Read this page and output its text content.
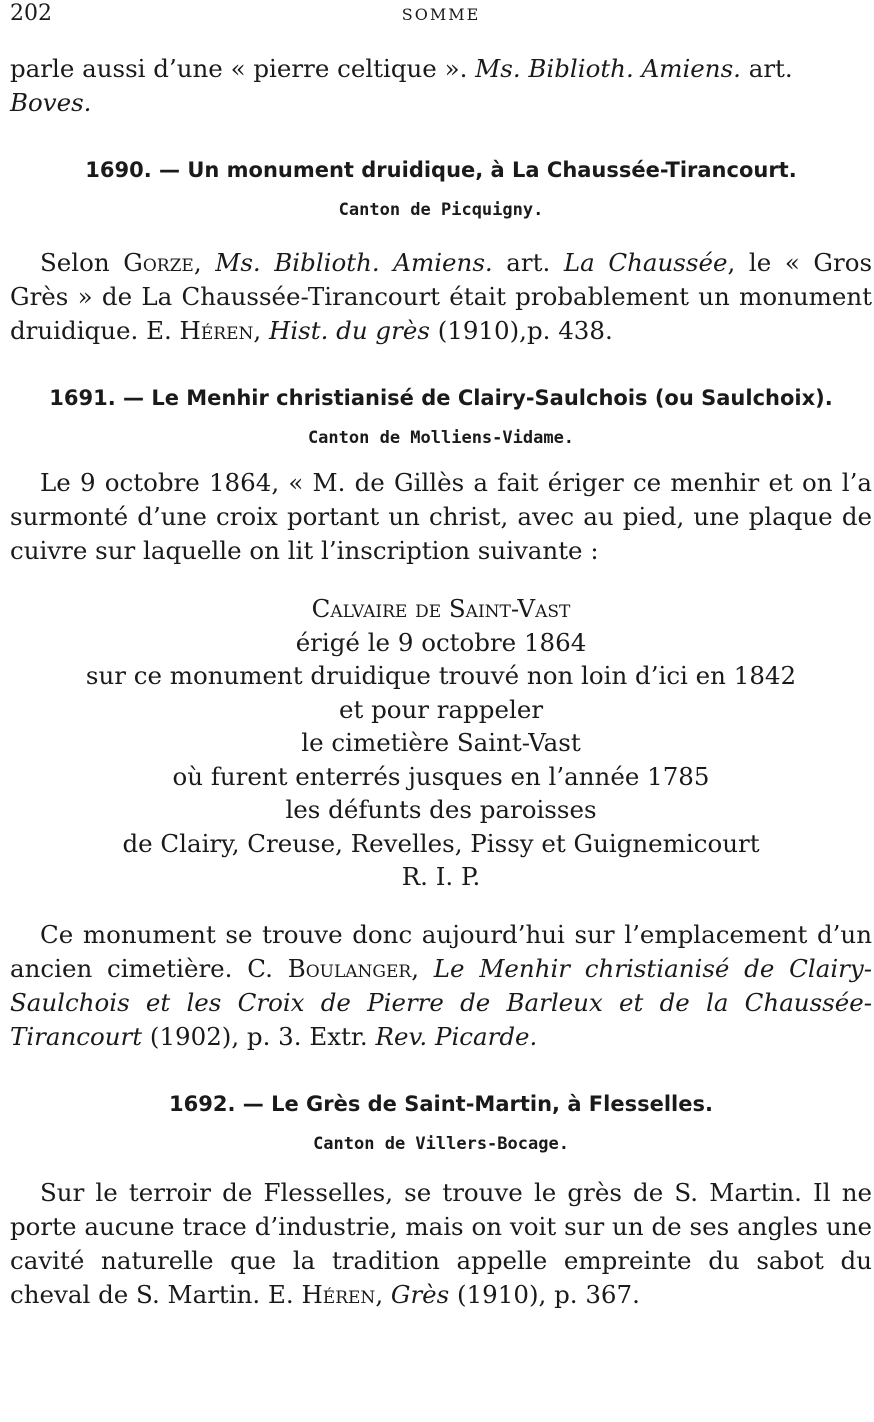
202	SOMME

parle aussi d’une « pierre celtique ». Ms. Biblioth. Amiens. art.
Boves.

1690. — Un monument druidique, à La Chaussée-Tirancourt.
Canton de Picquigny.

Selon Gorze, Ms. Biblioth. Amiens. art. La Chaussée, le « Gros Grès » de La Chaussée-Tirancourt était probablement un monument druidique. E. Héren, Hist. du grès (1910),p. 438.

1691. — Le Menhir christianisé de Clairy-Saulchois (ou Saulchoix).
Canton de Molliens-Vidame.

Le 9 octobre 1864, « M. de Gillès a fait ériger ce menhir et on l’a surmonté d’une croix portant un christ, avec au pied, une plaque de cuivre sur laquelle on lit l’inscription suivante :

Calvaire de Saint-Vast
érigé le 9 octobre 1864
sur ce monument druidique trouvé non loin d’ici en 1842
et pour rappeler
le cimetière Saint-Vast
où furent enterrés jusques en l’année 1785
les défunts des paroisses
de Clairy, Creuse, Revelles, Pissy et Guignemicourt
R. I. P.

Ce monument se trouve donc aujourd’hui sur l’emplacement d’un ancien cimetière. C. Boulanger, Le Menhir christianisé de Clairy-Saulchois et les Croix de Pierre de Barleux et de la Chaussée-Tirancourt (1902), p. 3. Extr. Rev. Picarde.

1692. — Le Grès de Saint-Martin, à Flesselles.
Canton de Villers-Bocage.

Sur le terroir de Flesselles, se trouve le grès de S. Martin. Il ne porte aucune trace d’industrie, mais on voit sur un de ses angles une cavité naturelle que la tradition appelle empreinte du sabot du cheval de S. Martin. E. Héren, Grès (1910), p. 367.
